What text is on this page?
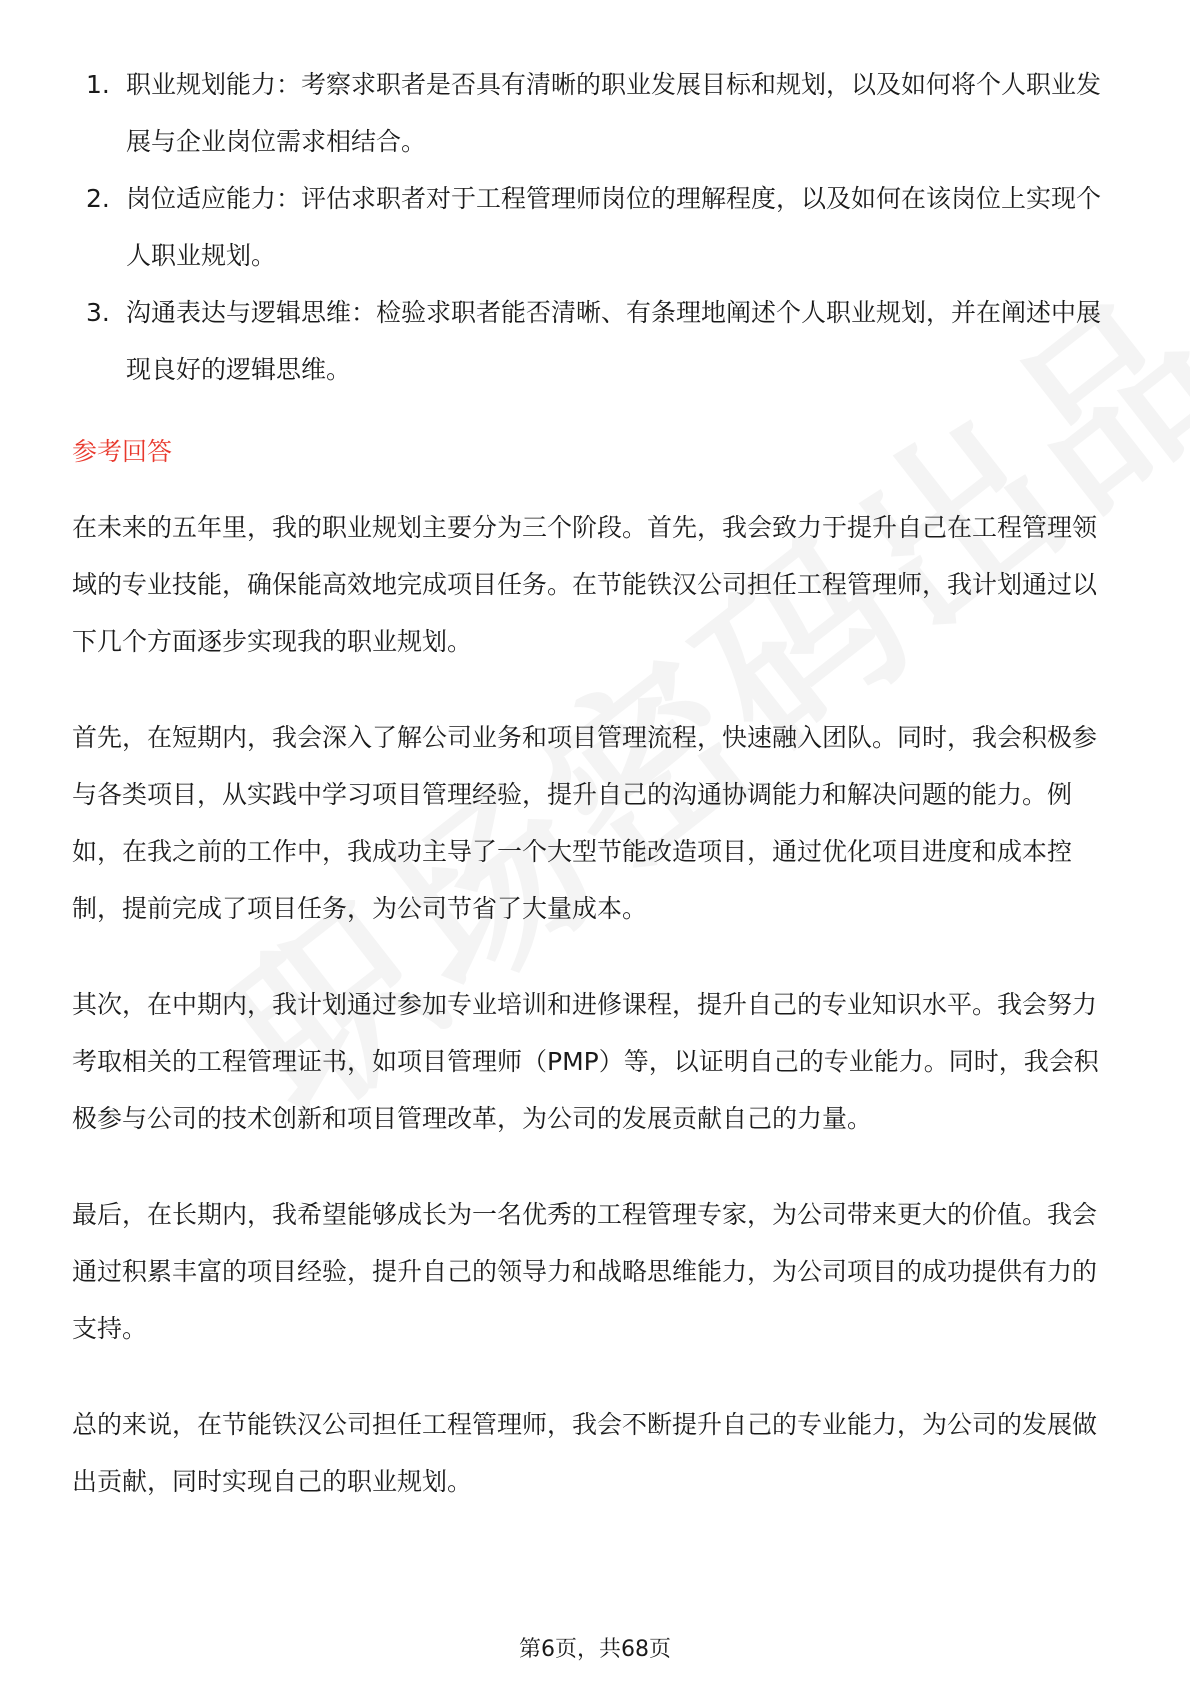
1. 职业规划能力：考察求职者是否具有清晰的职业发展目标和规划，以及如何将个人职业发展与企业岗位需求相结合。
2. 岗位适应能力：评估求职者对于工程管理师岗位的理解程度，以及如何在该岗位上实现个人职业规划。
3. 沟通表达与逻辑思维：检验求职者能否清晰、有条理地阐述个人职业规划，并在阐述中展现良好的逻辑思维。
参考回答

在未来的五年里，我的职业规划主要分为三个阶段。首先，我会致力于提升自己在工程管理领域的专业技能，确保能高效地完成项目任务。在节能铁汉公司担任工程管理师，我计划通过以下几个方面逐步实现我的职业规划。

首先，在短期内，我会深入了解公司业务和项目管理流程，快速融入团队。同时，我会积极参与各类项目，从实践中学习项目管理经验，提升自己的沟通协调能力和解决问题的能力。例如，在我之前的工作中，我成功主导了一个大型节能改造项目，通过优化项目进度和成本控制，提前完成了项目任务，为公司节省了大量成本。

其次，在中期内，我计划通过参加专业培训和进修课程，提升自己的专业知识水平。我会努力考取相关的工程管理证书，如项目管理师（PMP）等，以证明自己的专业能力。同时，我会积极参与公司的技术创新和项目管理改革，为公司的发展贡献自己的力量。

最后，在长期内，我希望能够成长为一名优秀的工程管理专家，为公司带来更大的价值。我会通过积累丰富的项目经验，提升自己的领导力和战略思维能力，为公司项目的成功提供有力的支持。

总的来说，在节能铁汉公司担任工程管理师，我会不断提升自己的专业能力，为公司的发展做出贡献，同时实现自己的职业规划。

第6页，共68页
